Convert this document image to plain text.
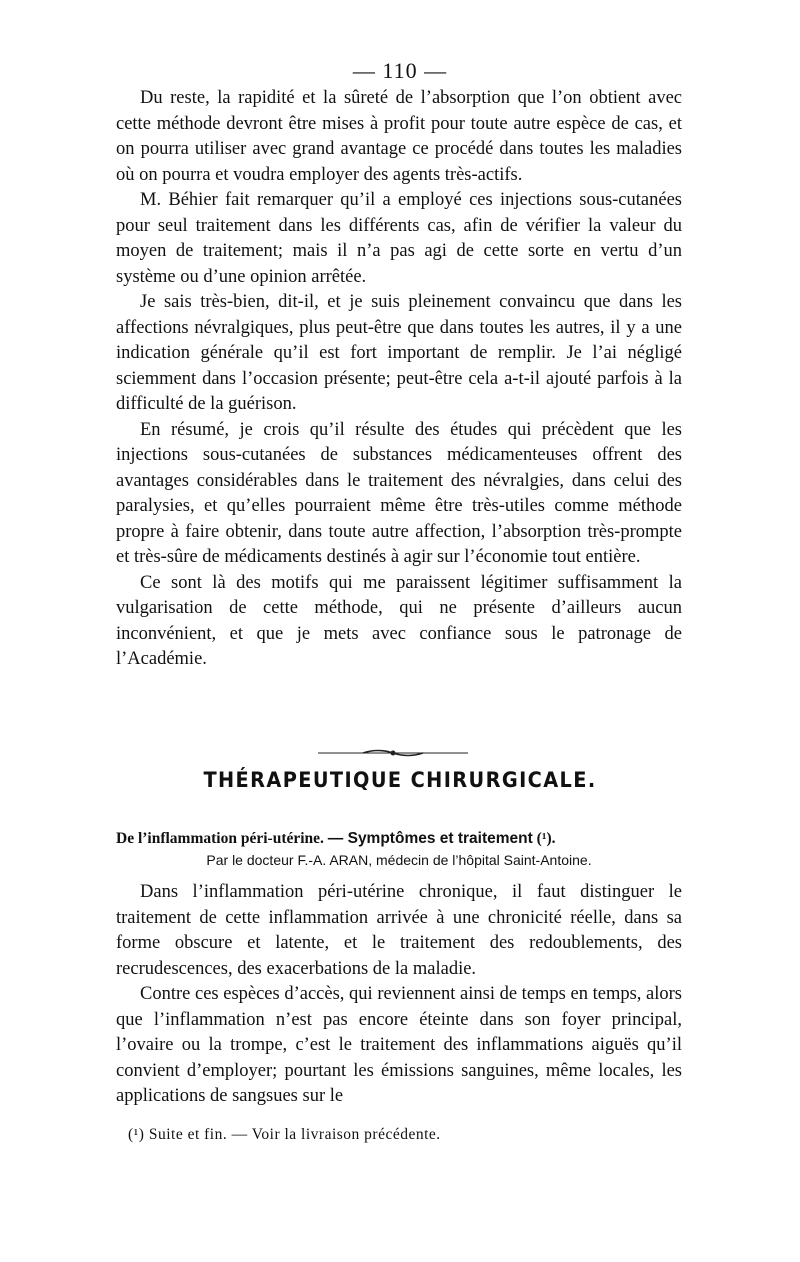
— 110 —

Du reste, la rapidité et la sûreté de l’absorption que l’on obtient avec cette méthode devront être mises à profit pour toute autre espèce de cas, et on pourra utiliser avec grand avantage ce procédé dans toutes les maladies où on pourra et voudra employer des agents très-actifs.

M. Béhier fait remarquer qu’il a employé ces injections sous-cutanées pour seul traitement dans les différents cas, afin de vérifier la valeur du moyen de traitement; mais il n’a pas agi de cette sorte en vertu d’un système ou d’une opinion arrêtée.

Je sais très-bien, dit-il, et je suis pleinement convaincu que dans les affections névralgiques, plus peut-être que dans toutes les autres, il y a une indication générale qu’il est fort important de remplir. Je l’ai négligé sciemment dans l’occasion présente; peut-être cela a-t-il ajouté parfois à la difficulté de la guérison.

En résumé, je crois qu’il résulte des études qui précèdent que les injections sous-cutanées de substances médicamenteuses offrent des avantages considérables dans le traitement des névralgies, dans celui des paralysies, et qu’elles pourraient même être très-utiles comme méthode propre à faire obtenir, dans toute autre affection, l’absorption très-prompte et très-sûre de médicaments destinés à agir sur l’économie tout entière.

Ce sont là des motifs qui me paraissent légitimer suffisamment la vulgarisation de cette méthode, qui ne présente d’ailleurs aucun inconvénient, et que je mets avec confiance sous le patronage de l’Académie.

THÉRAPEUTIQUE CHIRURGICALE.
De l’inflammation péri-utérine. — Symptômes et traitement (¹).
Par le docteur F.-A. ARAN, médecin de l’hôpital Saint-Antoine.

Dans l’inflammation péri-utérine chronique, il faut distinguer le traitement de cette inflammation arrivée à une chronicité réelle, dans sa forme obscure et latente, et le traitement des redoublements, des recrudescences, des exacerbations de la maladie.

Contre ces espèces d’accès, qui reviennent ainsi de temps en temps, alors que l’inflammation n’est pas encore éteinte dans son foyer principal, l’ovaire ou la trompe, c’est le traitement des inflammations aiguës qu’il convient d’employer; pourtant les émissions sanguines, même locales, les applications de sangsues sur le

(¹) Suite et fin. — Voir la livraison précédente.
